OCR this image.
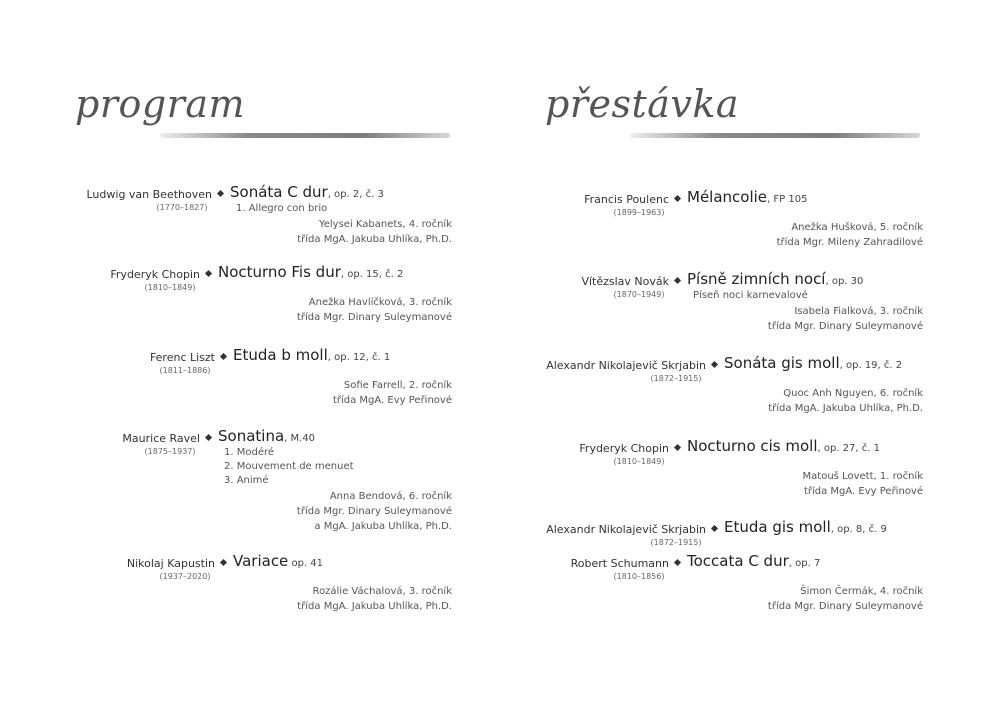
program
Ludwig van Beethoven Sonáta C dur, op. 2, č. 3
(1770–1827)	1. Allegro con brio
Yelysei Kabanets, 4. ročník
třída MgA. Jakuba Uhlíka, Ph.D.
Fryderyk Chopin Nocturno Fis dur, op. 15, č. 2
(1810–1849)
Anežka Havlíčková, 3. ročník
třída Mgr. Dinary Suleymanové
Ferenc Liszt Etuda b moll, op. 12, č. 1
(1811–1886)
Sofie Farrell, 2. ročník
třída MgA. Evy Peřinové
Maurice Ravel Sonatina, M.40
(1875–1937)	1. Modéré
2. Mouvement de menuet
3. Animé
Anna Bendová, 6. ročník
třída Mgr. Dinary Suleymanové
a MgA. Jakuba Uhlíka, Ph.D.
Nikolaj Kapustin Variace op. 41
(1937–2020)
Rozálie Váchalová, 3. ročník
třída MgA. Jakuba Uhlíka, Ph.D.
přestávka
Francis Poulenc Mélancolie, FP 105
(1899–1963)
Anežka Hušková, 5. ročník
třída Mgr. Mileny Zahradilové
Vítězslav Novák Písně zimních nocí, op. 30
(1870–1949)	Píseň noci karnevalové
Isabela Fialková, 3. ročník
třída Mgr. Dinary Suleymanové
Alexandr Nikolajevič Skrjabin Sonáta gis moll, op. 19, č. 2
(1872–1915)
Quoc Anh Nguyen, 6. ročník
třída MgA. Jakuba Uhlíka, Ph.D.
Fryderyk Chopin Nocturno cis moll, op. 27, č. 1
(1810–1849)
Matouš Lovett, 1. ročník
třída MgA. Evy Peřinové
Alexandr Nikolajevič Skrjabin Etuda gis moll, op. 8, č. 9
(1872–1915)
Robert Schumann Toccata C dur, op. 7
(1810–1856)
Šimon Čermák, 4. ročník
třída Mgr. Dinary Suleymanové
